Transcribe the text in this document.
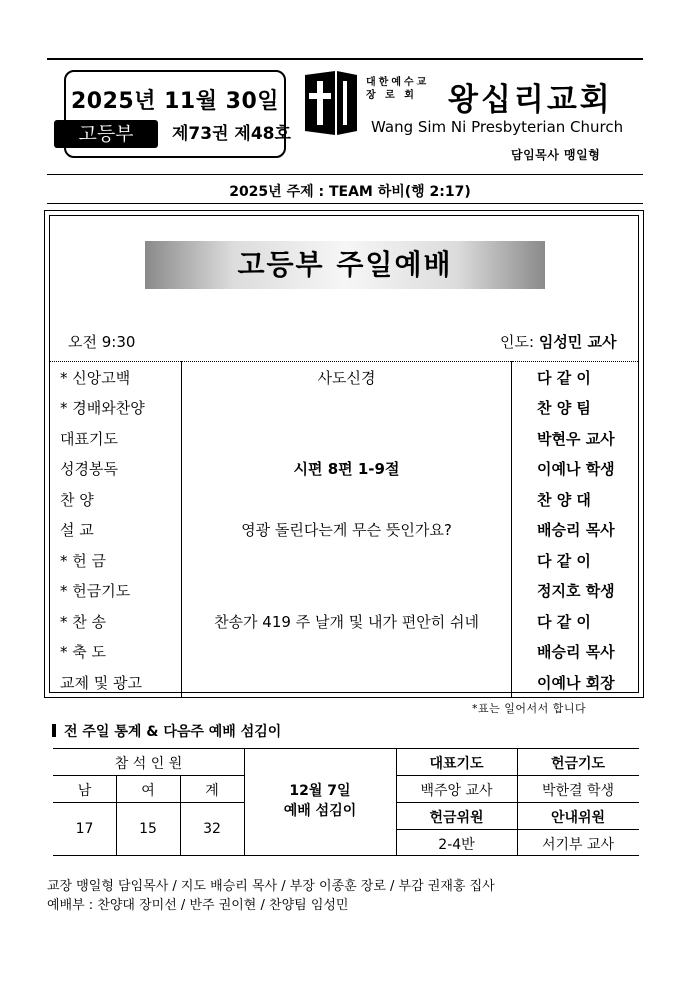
2025년 11월 30일
고등부	제73권 제48호
대한예수교
장 로 회	왕십리교회
Wang Sim Ni Presbyterian Church
담임목사 맹일형
2025년 주제 : TEAM 하비(행 2:17)
고등부 주일예배
오전 9:30	인도: 임성민 교사
* 신앙고백	사도신경	다 같 이
* 경배와찬양		찬 양 팀
대표기도		박현우 교사
성경봉독	시편 8편 1-9절	이예나 학생
찬 양		찬 양 대
설 교	영광 돌린다는게 무슨 뜻인가요?	배승리 목사
* 헌 금		다 같 이
* 헌금기도		정지호 학생
* 찬 송	찬송가 419 주 날개 및 내가 편안히 쉬네	다 같 이
* 축 도		배승리 목사
교제 및 광고		이예나 회장
*표는 일어서서 합니다
전 주일 통계 & 다음주 예배 섬김이
참 석 인 원
남	여	계
17	15	32
12월 7일
예배 섬김이
대표기도	헌금기도
백주앙 교사	박한결 학생
헌금위원	안내위원
2-4반	서기부 교사
교장 맹일형 담임목사 / 지도 배승리 목사 / 부장 이종훈 장로 / 부감 권재홍 집사
예배부 : 찬양대 장미선 / 반주 권이현 / 찬양팀 임성민
